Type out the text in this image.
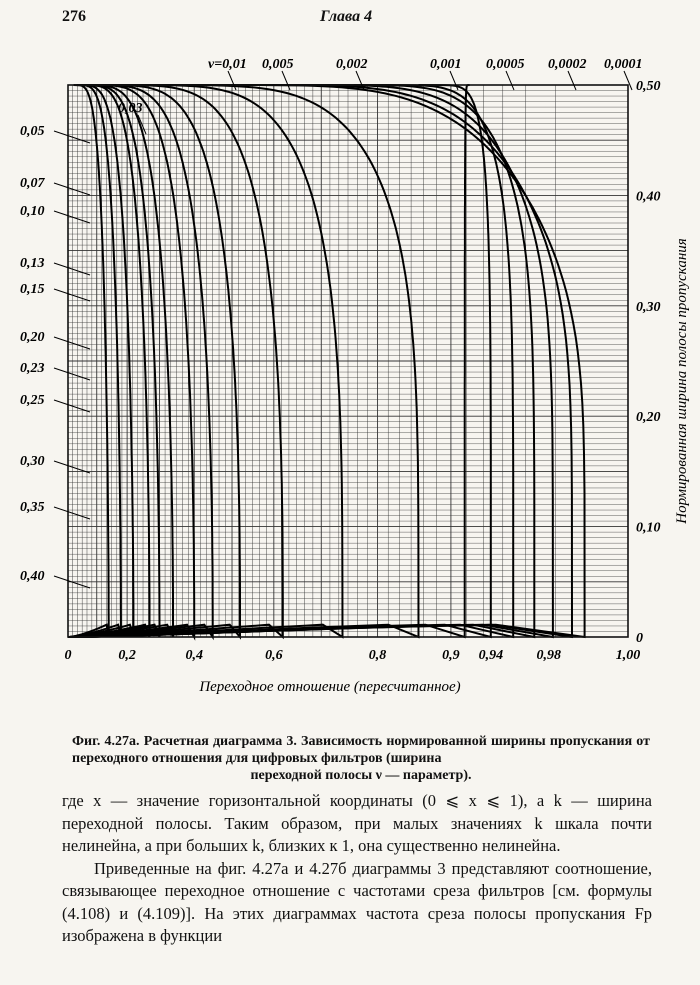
276	Глава 4
0	0,2	0,4	0,6	0,8	0,9 0,94 0,98	1,00
0
0,10
0,20
0,30
0,40
0,50
ν=0,01 0,005	0,002	0,001 0,0005 0,0002 0,0001
0,03
0,05
0,07
0,10
0,13
0,15
0,20
0,23
0,25
0,30
0,35
0,40
Переходное отношение (пересчитанное)
Нормированная ширина полосы пропускания
Фиг. 4.27а. Расчетная диаграмма 3. Зависимость нормированной ширины пропускания от переходного отношения для цифровых фильтров (ширина
переходной полосы ν — параметр).

где x — значение горизонтальной координаты (0 ⩽ x ⩽ 1), а k — ширина переходной полосы. Таким образом, при малых значениях k шкала почти нелинейна, а при больших k, близких к 1, она существенно нелинейна.

Приведенные на фиг. 4.27а и 4.27б диаграммы 3 представляют соотношение, связывающее переходное отношение с частотами среза фильтров [см. формулы (4.108) и (4.109)]. На этих диаграммах частота среза полосы пропускания Fp изображена в функции
